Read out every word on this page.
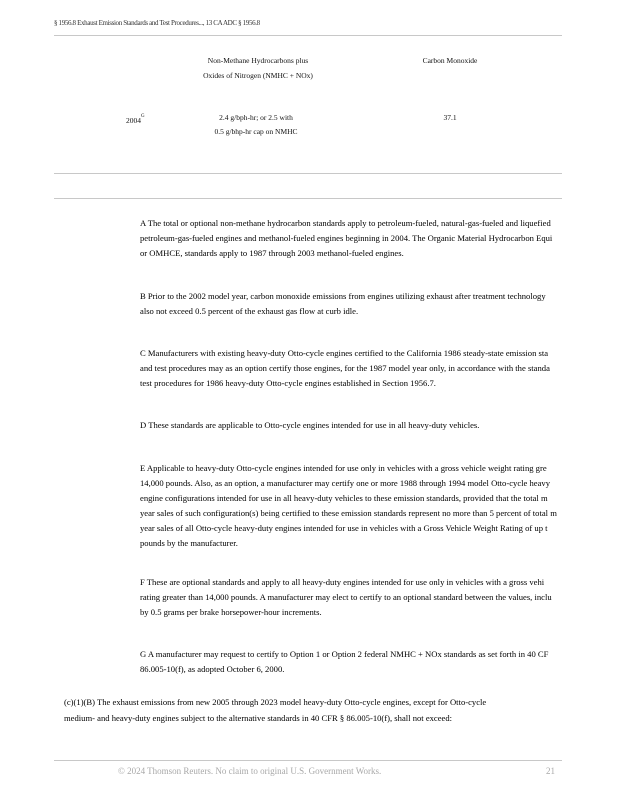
§ 1956.8 Exhaust Emission Standards and Test Procedures..., 13 CA ADC § 1956.8
Non-Methane Hydrocarbons plus
Oxides of Nitrogen (NMHC + NOx)
Carbon Monoxide
$2004^G$	2.4 g/bph-hr; or 2.5 with
0.5 g/bhp-hr cap on NMHC
37.1
A The total or optional non-methane hydrocarbon standards apply to petroleum-fueled, natural-gas-fueled and liquefied
petroleum-gas-fueled engines and methanol-fueled engines beginning in 2004. The Organic Material Hydrocarbon Equi
or OMHCE, standards apply to 1987 through 2003 methanol-fueled engines.
B Prior to the 2002 model year, carbon monoxide emissions from engines utilizing exhaust after treatment technology
also not exceed 0.5 percent of the exhaust gas flow at curb idle.
C Manufacturers with existing heavy-duty Otto-cycle engines certified to the California 1986 steady-state emission sta
and test procedures may as an option certify those engines, for the 1987 model year only, in accordance with the standa
test procedures for 1986 heavy-duty Otto-cycle engines established in Section 1956.7.
D These standards are applicable to Otto-cycle engines intended for use in all heavy-duty vehicles.
E Applicable to heavy-duty Otto-cycle engines intended for use only in vehicles with a gross vehicle weight rating gre
14,000 pounds. Also, as an option, a manufacturer may certify one or more 1988 through 1994 model Otto-cycle heavy
engine configurations intended for use in all heavy-duty vehicles to these emission standards, provided that the total m
year sales of such configuration(s) being certified to these emission standards represent no more than 5 percent of total m
year sales of all Otto-cycle heavy-duty engines intended for use in vehicles with a Gross Vehicle Weight Rating of up t
pounds by the manufacturer.
F These are optional standards and apply to all heavy-duty engines intended for use only in vehicles with a gross vehi
rating greater than 14,000 pounds. A manufacturer may elect to certify to an optional standard between the values, inclu
by 0.5 grams per brake horsepower-hour increments.
G A manufacturer may request to certify to Option 1 or Option 2 federal NMHC + NOx standards as set forth in 40 CF
86.005-10(f), as adopted October 6, 2000.
(c)(1)(B) The exhaust emissions from new 2005 through 2023 model heavy-duty Otto-cycle engines, except for Otto-cycle
medium- and heavy-duty engines subject to the alternative standards in 40 CFR § 86.005-10(f), shall not exceed:
© 2024 Thomson Reuters. No claim to original U.S. Government Works.	21
